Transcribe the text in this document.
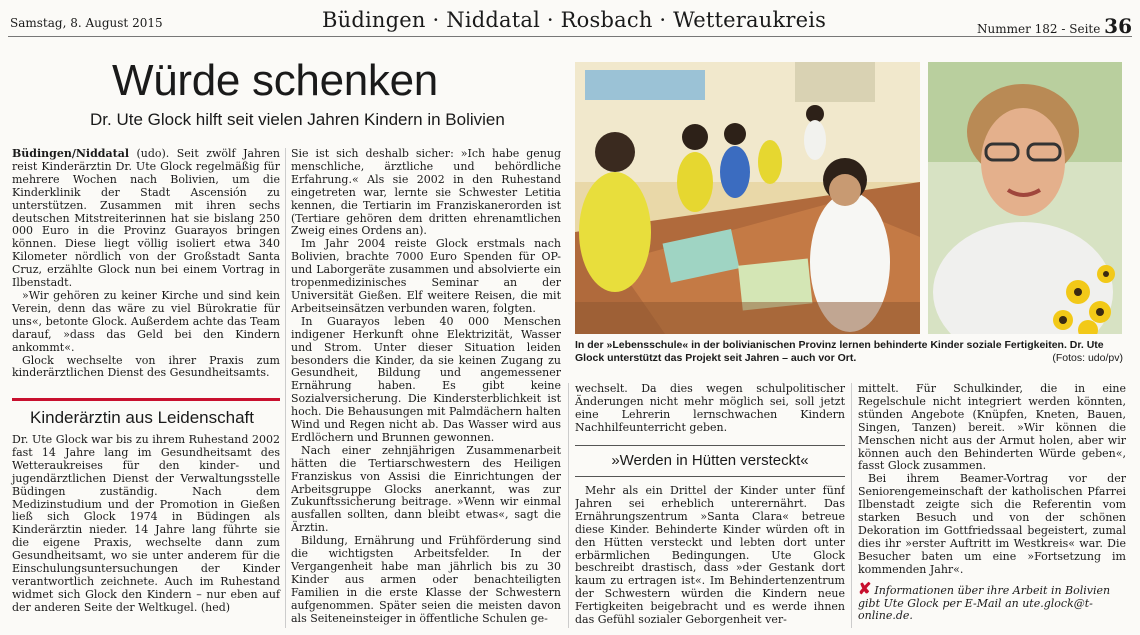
Samstag, 8. August 2015	Büdingen · Niddatal · Rosbach · Wetteraukreis	Nummer 182 - Seite 36
Würde schenken
Dr. Ute Glock hilft seit vielen Jahren Kindern in Bolivien

Büdingen/Niddatal (udo). Seit zwölf Jahren reist Kinderärztin Dr. Ute Glock regelmäßig für mehrere Wochen nach Bolivien, um die Kinderklinik der Stadt Ascensión zu unterstützen. Zusammen mit ihren sechs deutschen Mitstreiterinnen hat sie bislang 250 000 Euro in die Provinz Guarayos bringen können. Diese liegt völlig isoliert etwa 340 Kilometer nördlich von der Großstadt Santa Cruz, erzählte Glock nun bei einem Vortrag in Ilbenstadt.

»Wir gehören zu keiner Kirche und sind kein Verein, denn das wäre zu viel Bürokratie für uns«, betonte Glock. Außerdem achte das Team darauf, »dass das Geld bei den Kindern ankommt«.

Glock wechselte von ihrer Praxis zum kinderärztlichen Dienst des Gesundheitsamts.

Kinderärztin aus Leidenschaft

Dr. Ute Glock war bis zu ihrem Ruhestand 2002 fast 14 Jahre lang im Gesundheitsamt des Wetteraukreises für den kinder- und jugendärztlichen Dienst der Verwaltungsstelle Büdingen zuständig. Nach dem Medizinstudium und der Promotion in Gießen ließ sich Glock 1974 in Büdingen als Kinderärztin nieder. 14 Jahre lang führte sie die eigene Praxis, wechselte dann zum Gesundheitsamt, wo sie unter anderem für die Einschulungsuntersuchungen der Kinder verantwortlich zeichnete. Auch im Ruhestand widmet sich Glock den Kindern – nur eben auf der anderen Seite der Weltkugel. (hed)

Sie ist sich deshalb sicher: »Ich habe genug menschliche, ärztliche und behördliche Erfahrung.« Als sie 2002 in den Ruhestand eingetreten war, lernte sie Schwester Letitia kennen, die Tertiarin im Franziskanerorden ist (Tertiare gehören dem dritten ehrenamtlichen Zweig eines Ordens an).

Im Jahr 2004 reiste Glock erstmals nach Bolivien, brachte 7000 Euro Spenden für OP- und Laborgeräte zusammen und absolvierte ein tropenmedizinisches Seminar an der Universität Gießen. Elf weitere Reisen, die mit Arbeitseinsätzen verbunden waren, folgten.

In Guarayos leben 40 000 Menschen indigener Herkunft ohne Elektrizität, Wasser und Strom. Unter dieser Situation leiden besonders die Kinder, da sie keinen Zugang zu Gesundheit, Bildung und angemessener Ernährung haben. Es gibt keine Sozialversicherung. Die Kindersterblichkeit ist hoch. Die Behausungen mit Palmdächern halten Wind und Regen nicht ab. Das Wasser wird aus Erdlöchern und Brunnen gewonnen.

Nach einer zehnjährigen Zusammenarbeit hätten die Tertiarschwestern des Heiligen Franziskus von Assisi die Einrichtungen der Arbeitsgruppe Glocks anerkannt, was zur Zukunftssicherung beitrage. »Wenn wir einmal ausfallen sollten, dann bleibt etwas«, sagt die Ärztin.

Bildung, Ernährung und Frühförderung sind die wichtigsten Arbeitsfelder. In der Vergangenheit habe man jährlich bis zu 30 Kinder aus armen oder benachteiligten Familien in die erste Klasse der Schwestern aufgenommen. Später seien die meisten davon als Seiteneinsteiger in öffentliche Schulen ge-

In der »Lebensschule« in der bolivianischen Provinz lernen behinderte Kinder soziale Fertigkeiten. Dr. Ute Glock unterstützt das Projekt seit Jahren – auch vor Ort.	(Fotos: udo/pv)

wechselt. Da dies wegen schulpolitischer Änderungen nicht mehr möglich sei, soll jetzt eine Lehrerin lernschwachen Kindern Nachhilfeunterricht geben.

»Werden in Hütten versteckt«

Mehr als ein Drittel der Kinder unter fünf Jahren sei erheblich unterernährt. Das Ernährungszentrum »Santa Clara« betreue diese Kinder. Behinderte Kinder würden oft in den Hütten versteckt und lebten dort unter erbärmlichen Bedingungen. Ute Glock beschreibt drastisch, dass »der Gestank dort kaum zu ertragen ist«. Im Behindertenzentrum der Schwestern würden die Kindern neue Fertigkeiten beigebracht und es werde ihnen das Gefühl sozialer Geborgenheit ver-

mittelt. Für Schulkinder, die in eine Regelschule nicht integriert werden könnten, stünden Angebote (Knüpfen, Kneten, Bauen, Singen, Tanzen) bereit. »Wir können die Menschen nicht aus der Armut holen, aber wir können auch den Behinderten Würde geben«, fasst Glock zusammen.

Bei ihrem Beamer-Vortrag vor der Seniorengemeinschaft der katholischen Pfarrei Ilbenstadt zeigte sich die Referentin vom starken Besuch und von der schönen Dekoration im Gottfriedssaal begeistert, zumal dies ihr »erster Auftritt im Westkreis« war. Die Besucher baten um eine »Fortsetzung im kommenden Jahr«.

✘ Informationen über ihre Arbeit in Bolivien gibt Ute Glock per E-Mail an ute.glock@t-online.de.
